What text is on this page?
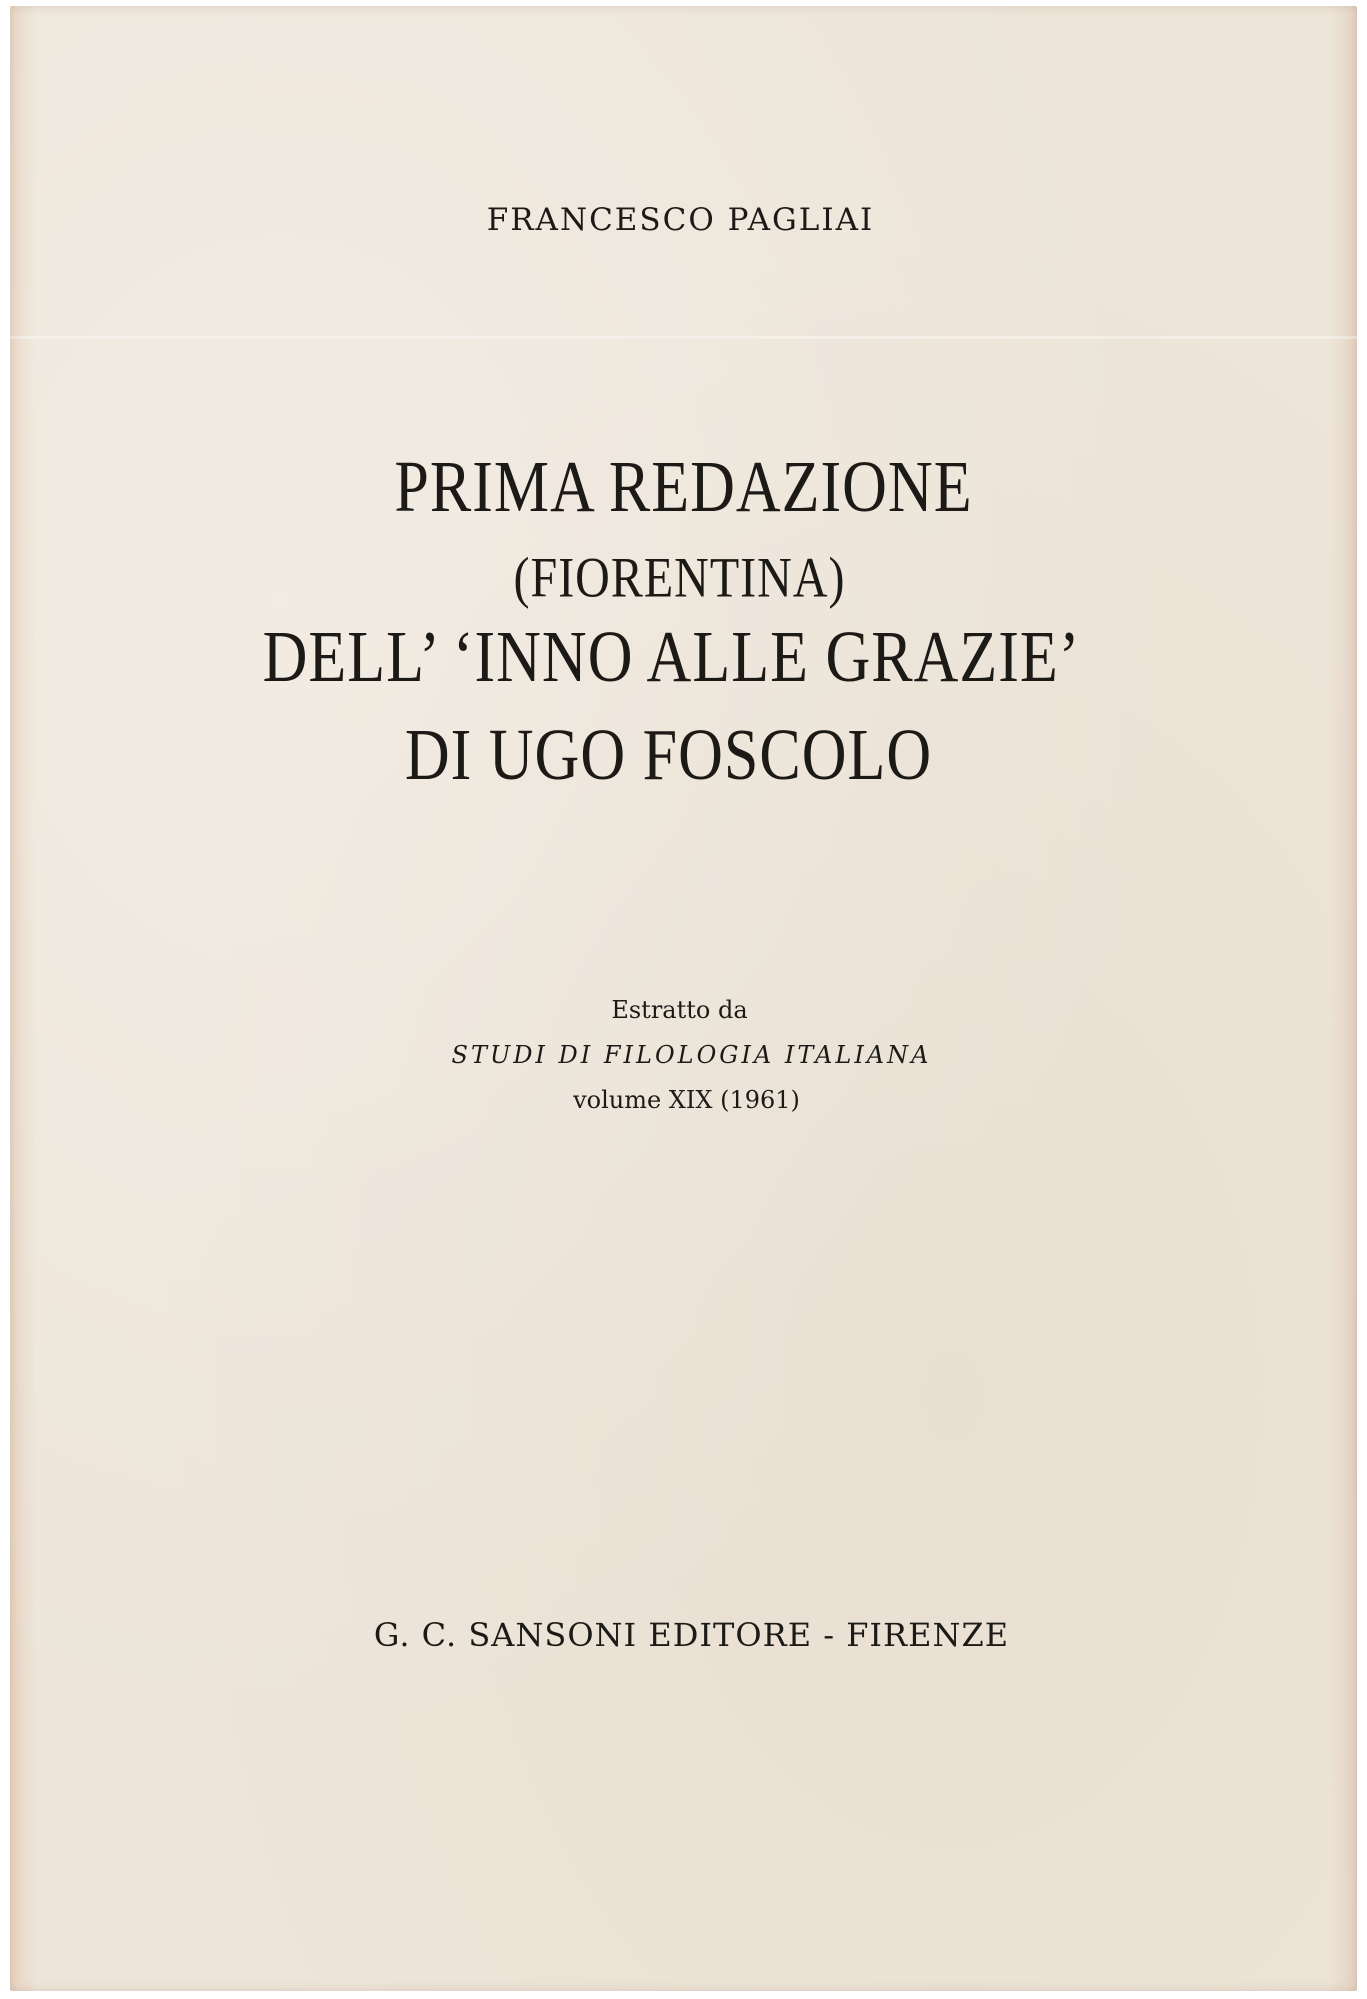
FRANCESCO PAGLIAI
PRIMA REDAZIONE
(FIORENTINA)
DELL’ ‘INNO ALLE GRAZIE’
DI UGO FOSCOLO
Estratto da
STUDI DI FILOLOGIA ITALIANA
volume XIX (1961)
G. C. SANSONI EDITORE - FIRENZE
